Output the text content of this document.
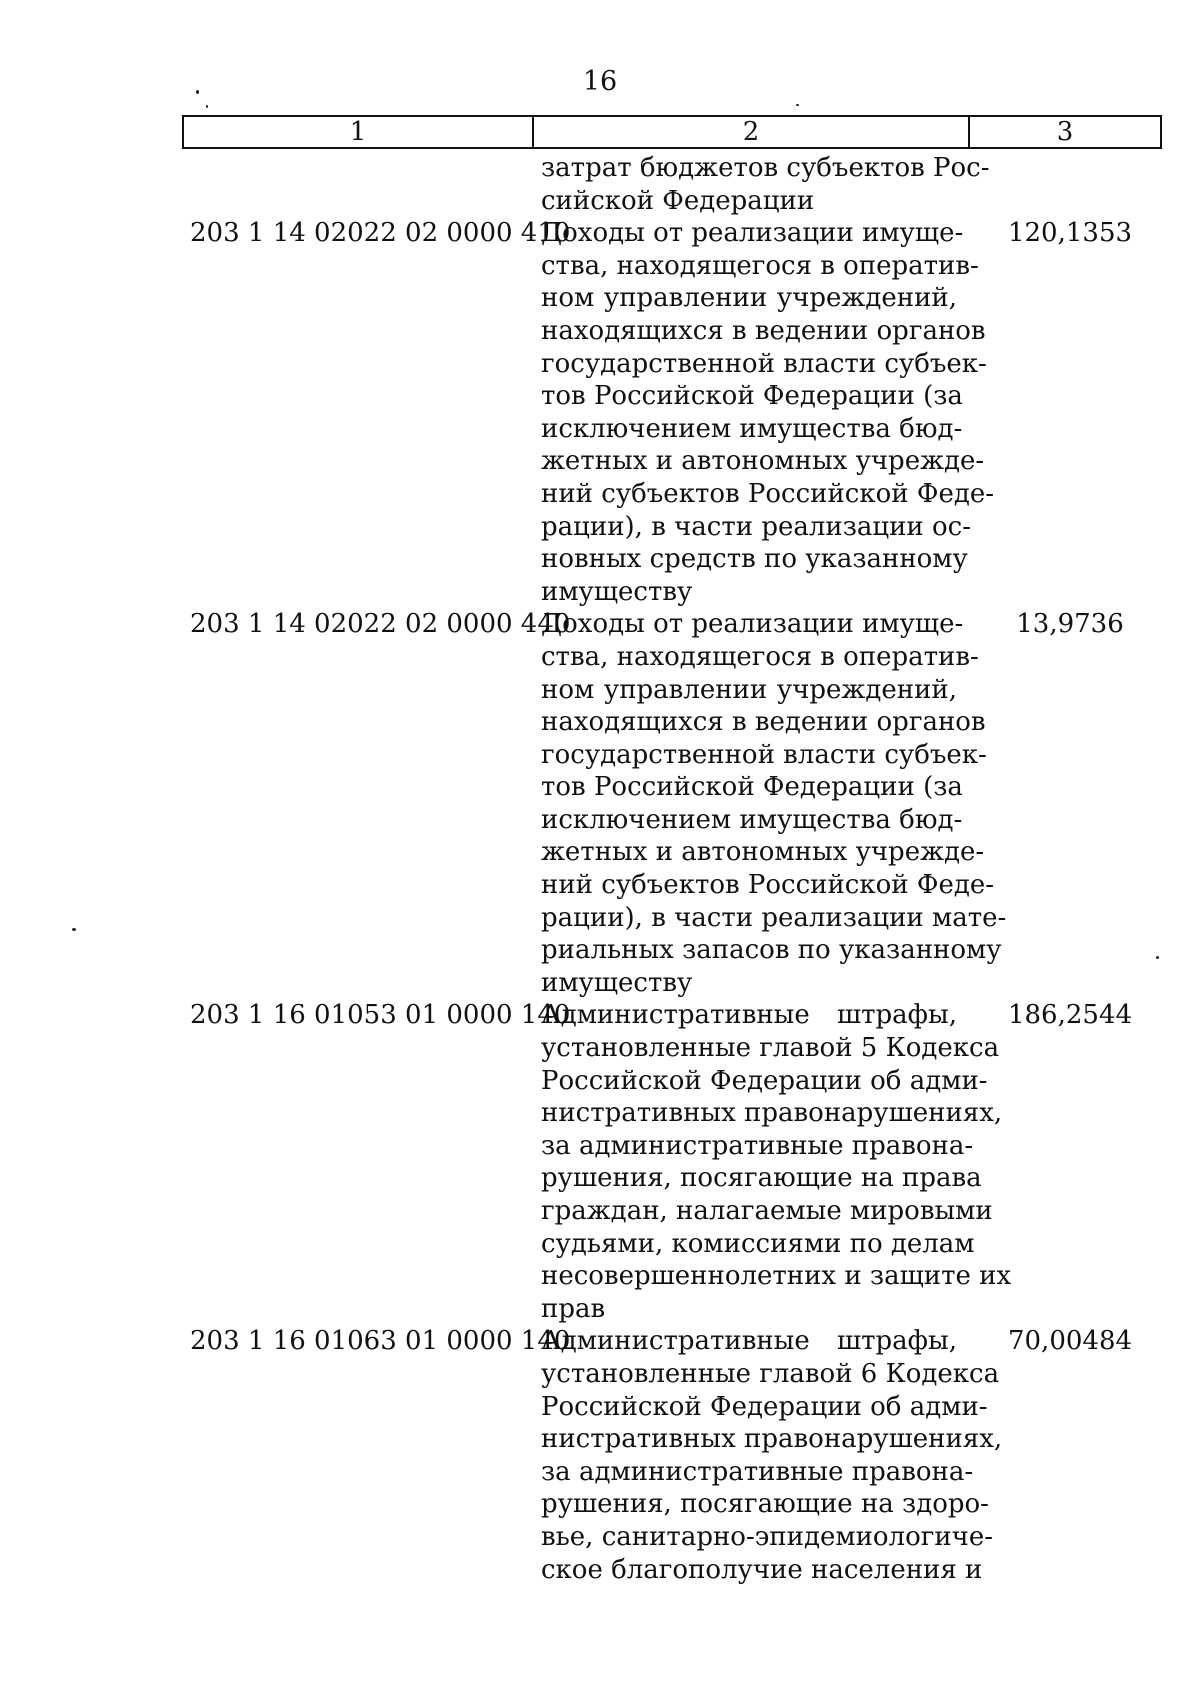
16
1	2	3
затрат бюджетов субъектов Рос-
сийской Федерации
203 1 14 02022 02 0000 410
Доходы от реализации имуще-
ства, находящегося в оператив-
ном управлении учреждений,
находящихся в ведении органов
государственной власти субъек-
тов Российской Федерации (за
исключением имущества бюд-
жетных и автономных учрежде-
ний субъектов Российской Феде-
рации), в части реализации ос-
новных средств по указанному
имуществу
120,1353
203 1 14 02022 02 0000 440
Доходы от реализации имуще-
ства, находящегося в оператив-
ном управлении учреждений,
находящихся в ведении органов
государственной власти субъек-
тов Российской Федерации (за
исключением имущества бюд-
жетных и автономных учрежде-
ний субъектов Российской Феде-
рации), в части реализации мате-
риальных запасов по указанному
имуществу
13,9736
203 1 16 01053 01 0000 140
Административные штрафы,
установленные главой 5 Кодекса
Российской Федерации об адми-
нистративных правонарушениях,
за административные правона-
рушения, посягающие на права
граждан, налагаемые мировыми
судьями, комиссиями по делам
несовершеннолетних и защите их
прав
186,2544
203 1 16 01063 01 0000 140
Административные штрафы,
установленные главой 6 Кодекса
Российской Федерации об адми-
нистративных правонарушениях,
за административные правона-
рушения, посягающие на здоро-
вье, санитарно-эпидемиологиче-
ское благополучие населения и
70,00484
